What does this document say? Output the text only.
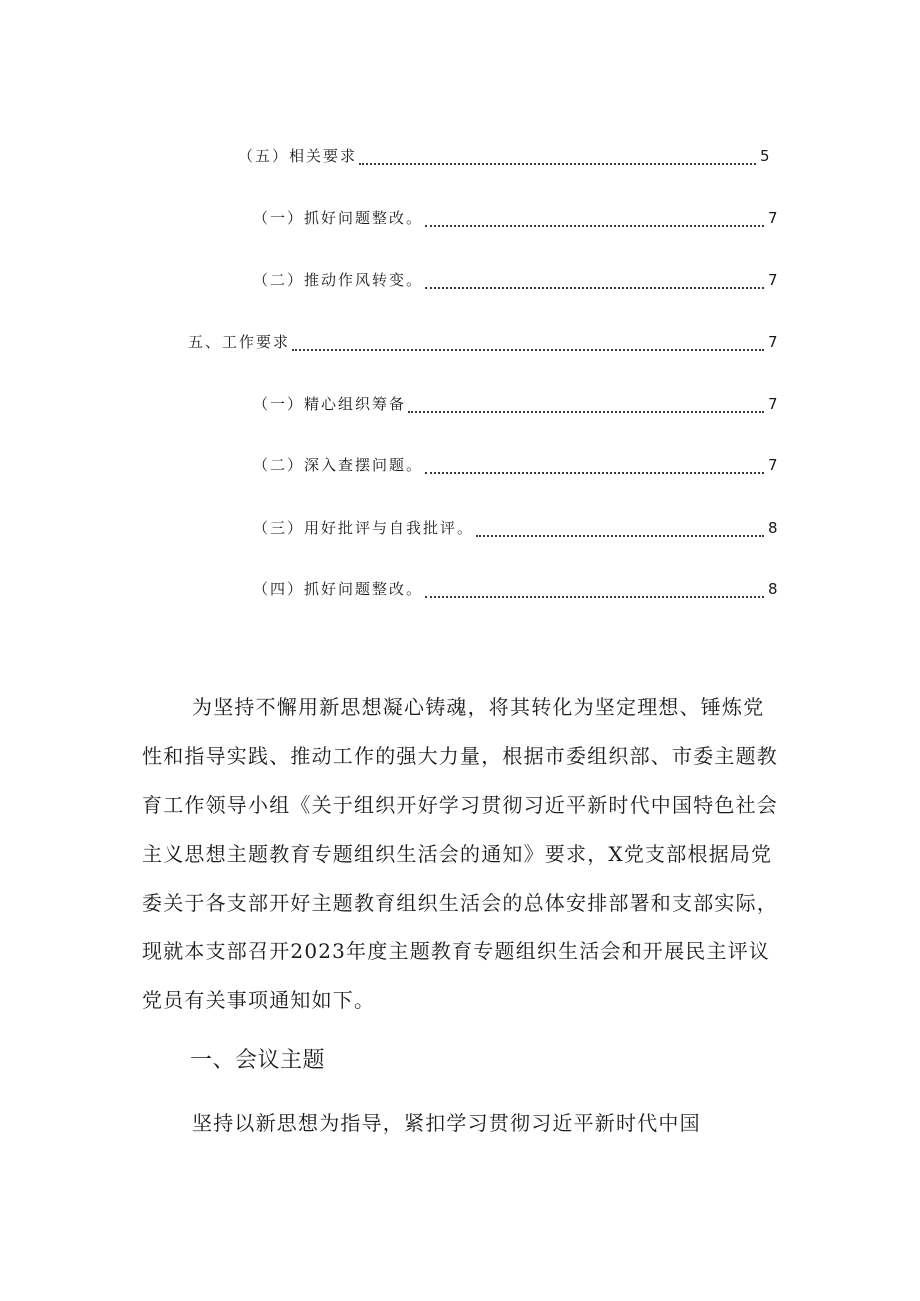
（五）相关要求	5
（一）抓好问题整改。	7
（二）推动作风转变。	7
五、工作要求	7
（一）精心组织筹备	7
（二）深入查摆问题。	7
（三）用好批评与自我批评。	8
（四）抓好问题整改。	8
为坚持不懈用新思想凝心铸魂，将其转化为坚定理想、锤炼党
性和指导实践、推动工作的强大力量，根据市委组织部、市委主题教
育工作领导小组《关于组织开好学习贯彻习近平新时代中国特色社会
主义思想主题教育专题组织生活会的通知》要求，X党支部根据局党
委关于各支部开好主题教育组织生活会的总体安排部署和支部实际，
现就本支部召开2023年度主题教育专题组织生活会和开展民主评议
党员有关事项通知如下。
一、会议主题
坚持以新思想为指导，紧扣学习贯彻习近平新时代中国
